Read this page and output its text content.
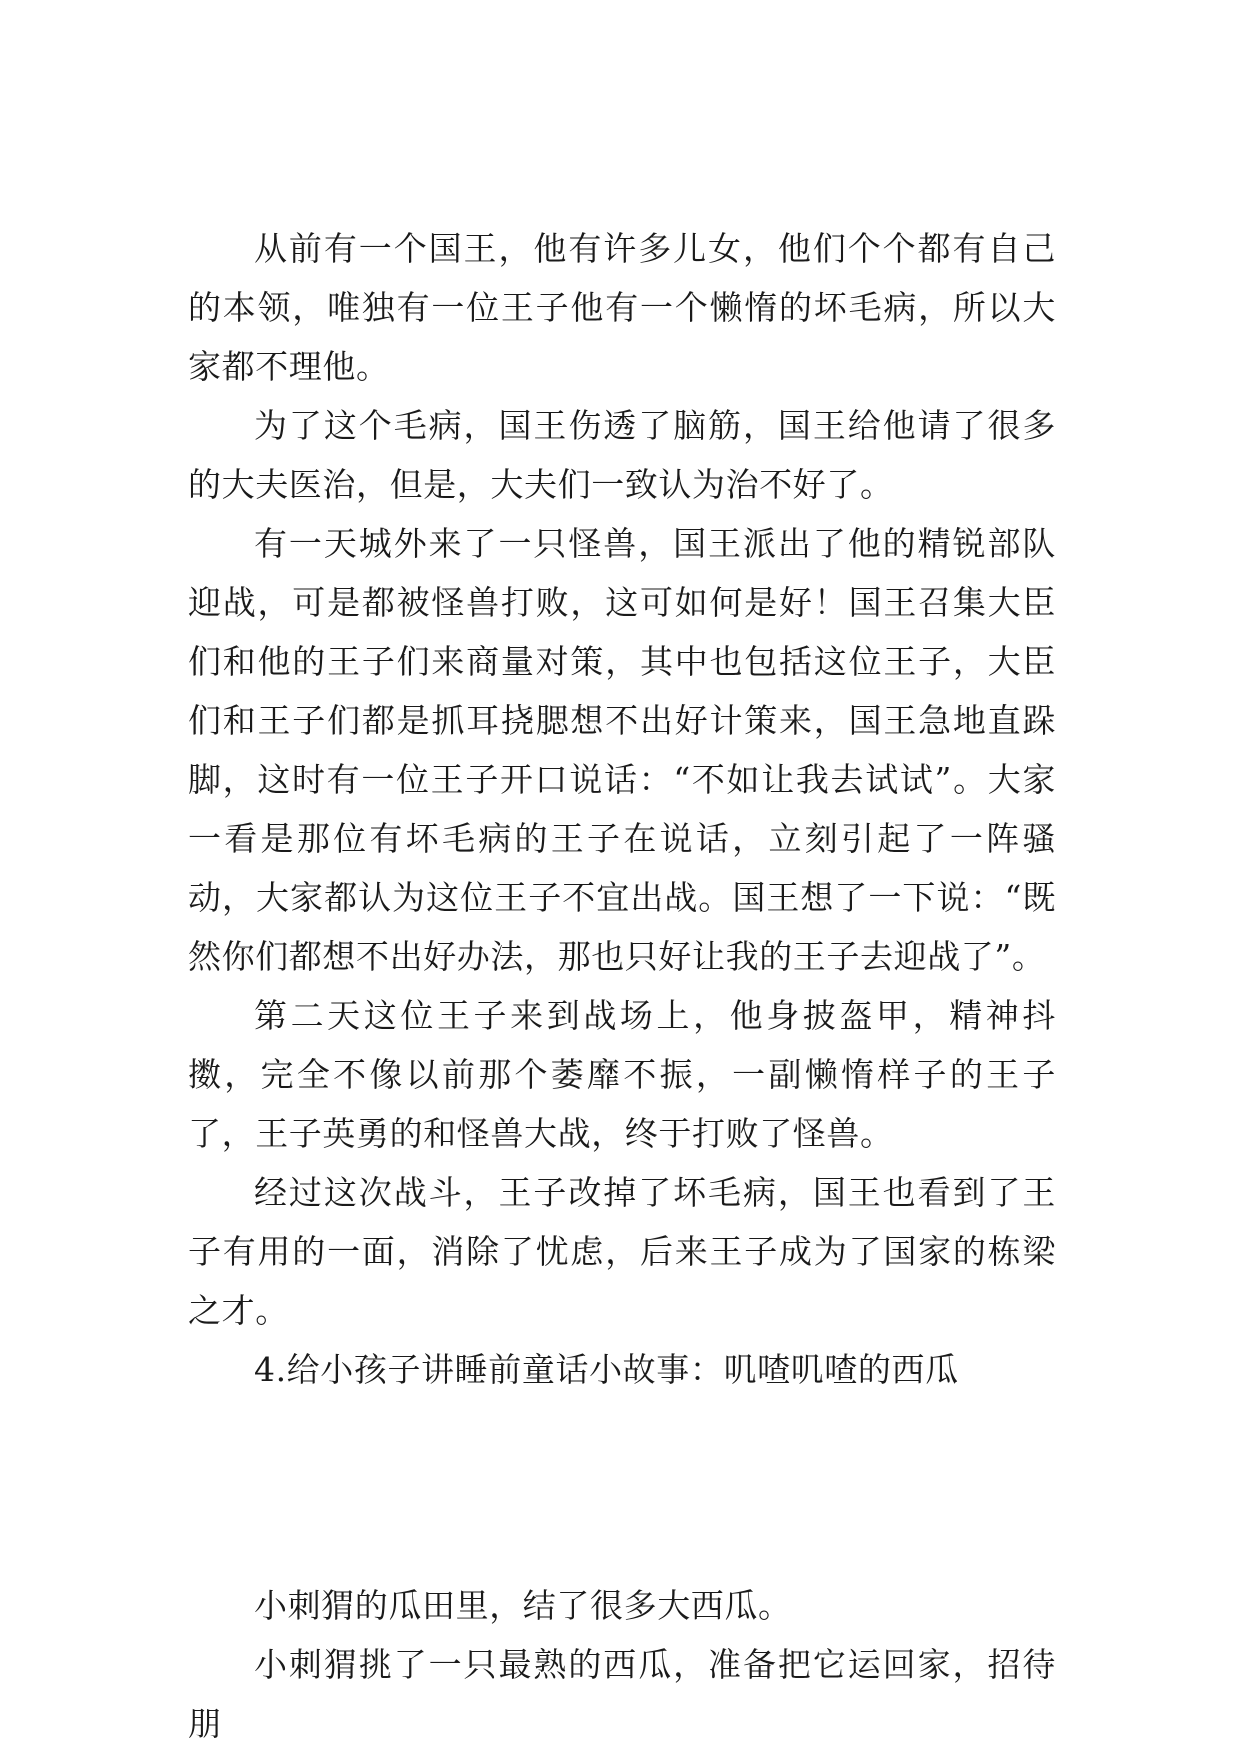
从前有一个国王，他有许多儿女，他们个个都有自己的本领，唯独有一位王子他有一个懒惰的坏毛病，所以大家都不理他。

为了这个毛病，国王伤透了脑筋，国王给他请了很多的大夫医治，但是，大夫们一致认为治不好了。

有一天城外来了一只怪兽，国王派出了他的精锐部队迎战，可是都被怪兽打败，这可如何是好！国王召集大臣们和他的王子们来商量对策，其中也包括这位王子，大臣们和王子们都是抓耳挠腮想不出好计策来，国王急地直跺脚，这时有一位王子开口说话：“不如让我去试试”。大家一看是那位有坏毛病的王子在说话，立刻引起了一阵骚动，大家都认为这位王子不宜出战。国王想了一下说：“既然你们都想不出好办法，那也只好让我的王子去迎战了”。

第二天这位王子来到战场上，他身披盔甲，精神抖擞，完全不像以前那个萎靡不振，一副懒惰样子的王子了，王子英勇的和怪兽大战，终于打败了怪兽。

经过这次战斗，王子改掉了坏毛病，国王也看到了王子有用的一面，消除了忧虑，后来王子成为了国家的栋梁之才。

4.给小孩子讲睡前童话小故事：叽喳叽喳的西瓜

小刺猬的瓜田里，结了很多大西瓜。

小刺猬挑了一只最熟的西瓜，准备把它运回家，招待朋
